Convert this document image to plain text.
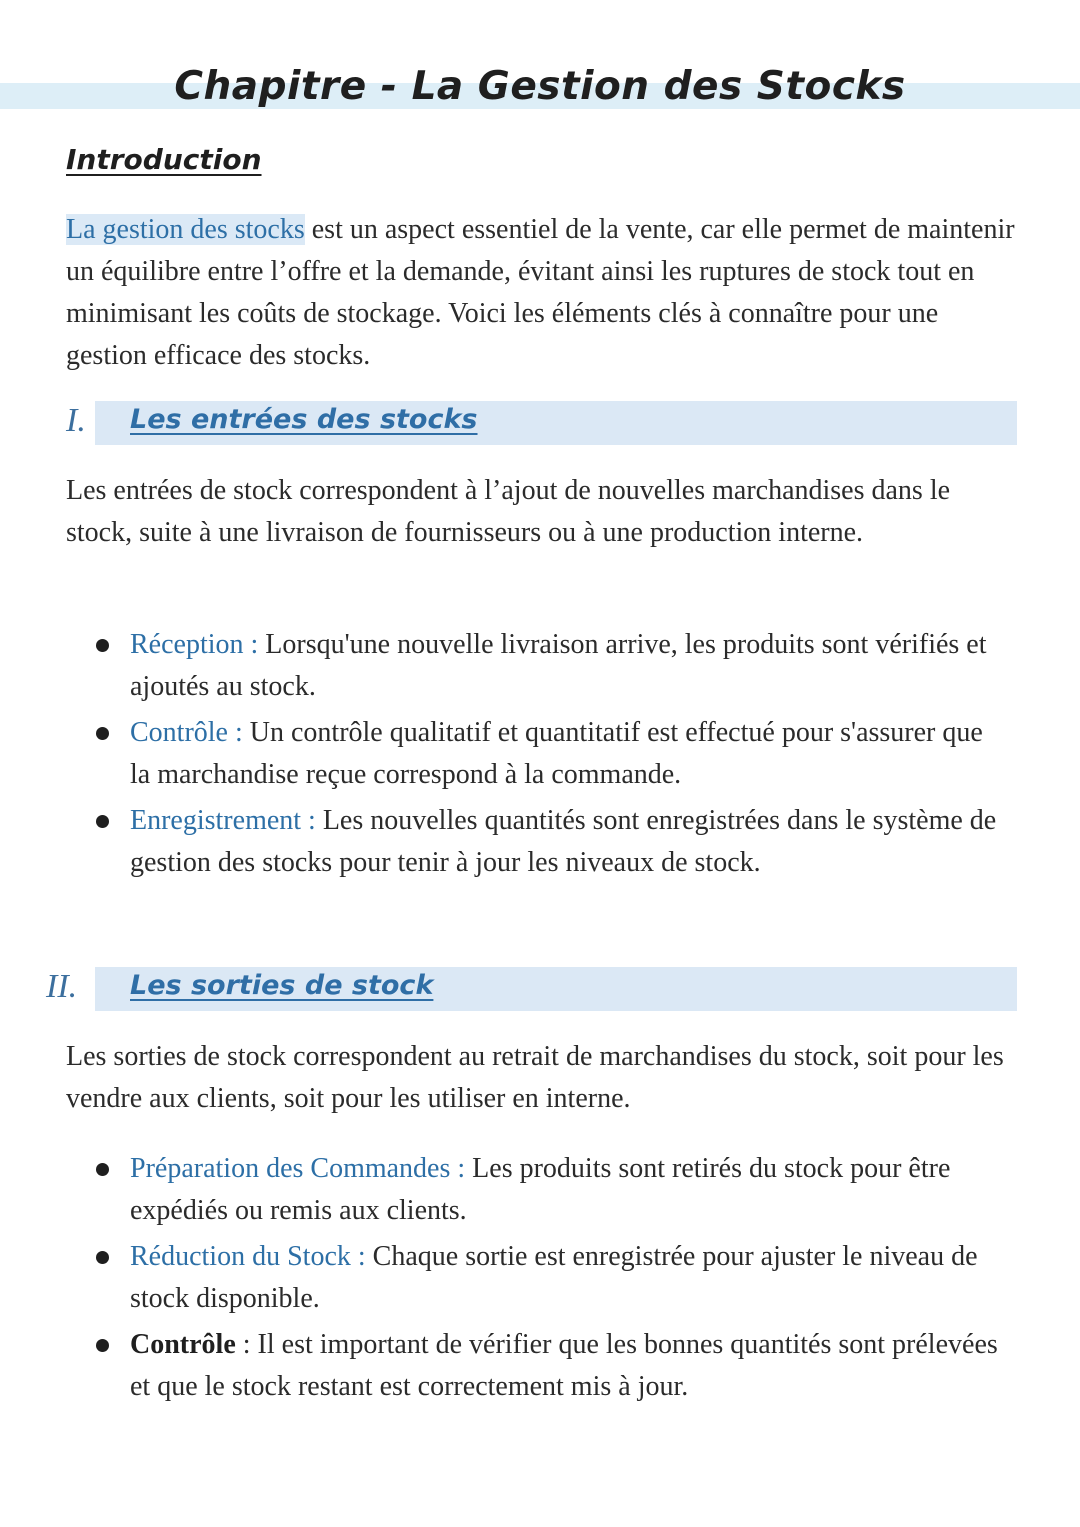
Chapitre - La Gestion des Stocks
Introduction
La gestion des stocks est un aspect essentiel de la vente, car elle permet de maintenir un équilibre entre l’offre et la demande, évitant ainsi les ruptures de stock tout en minimisant les coûts de stockage. Voici les éléments clés à connaître pour une gestion efficace des stocks.
I. Les entrées des stocks
Les entrées de stock correspondent à l’ajout de nouvelles marchandises dans le stock, suite à une livraison de fournisseurs ou à une production interne.
Réception : Lorsqu'une nouvelle livraison arrive, les produits sont vérifiés et ajoutés au stock.
Contrôle : Un contrôle qualitatif et quantitatif est effectué pour s'assurer que la marchandise reçue correspond à la commande.
Enregistrement : Les nouvelles quantités sont enregistrées dans le système de gestion des stocks pour tenir à jour les niveaux de stock.
II. Les sorties de stock
Les sorties de stock correspondent au retrait de marchandises du stock, soit pour les vendre aux clients, soit pour les utiliser en interne.
Préparation des Commandes : Les produits sont retirés du stock pour être expédiés ou remis aux clients.
Réduction du Stock : Chaque sortie est enregistrée pour ajuster le niveau de stock disponible.
Contrôle : Il est important de vérifier que les bonnes quantités sont prélevées et que le stock restant est correctement mis à jour.
